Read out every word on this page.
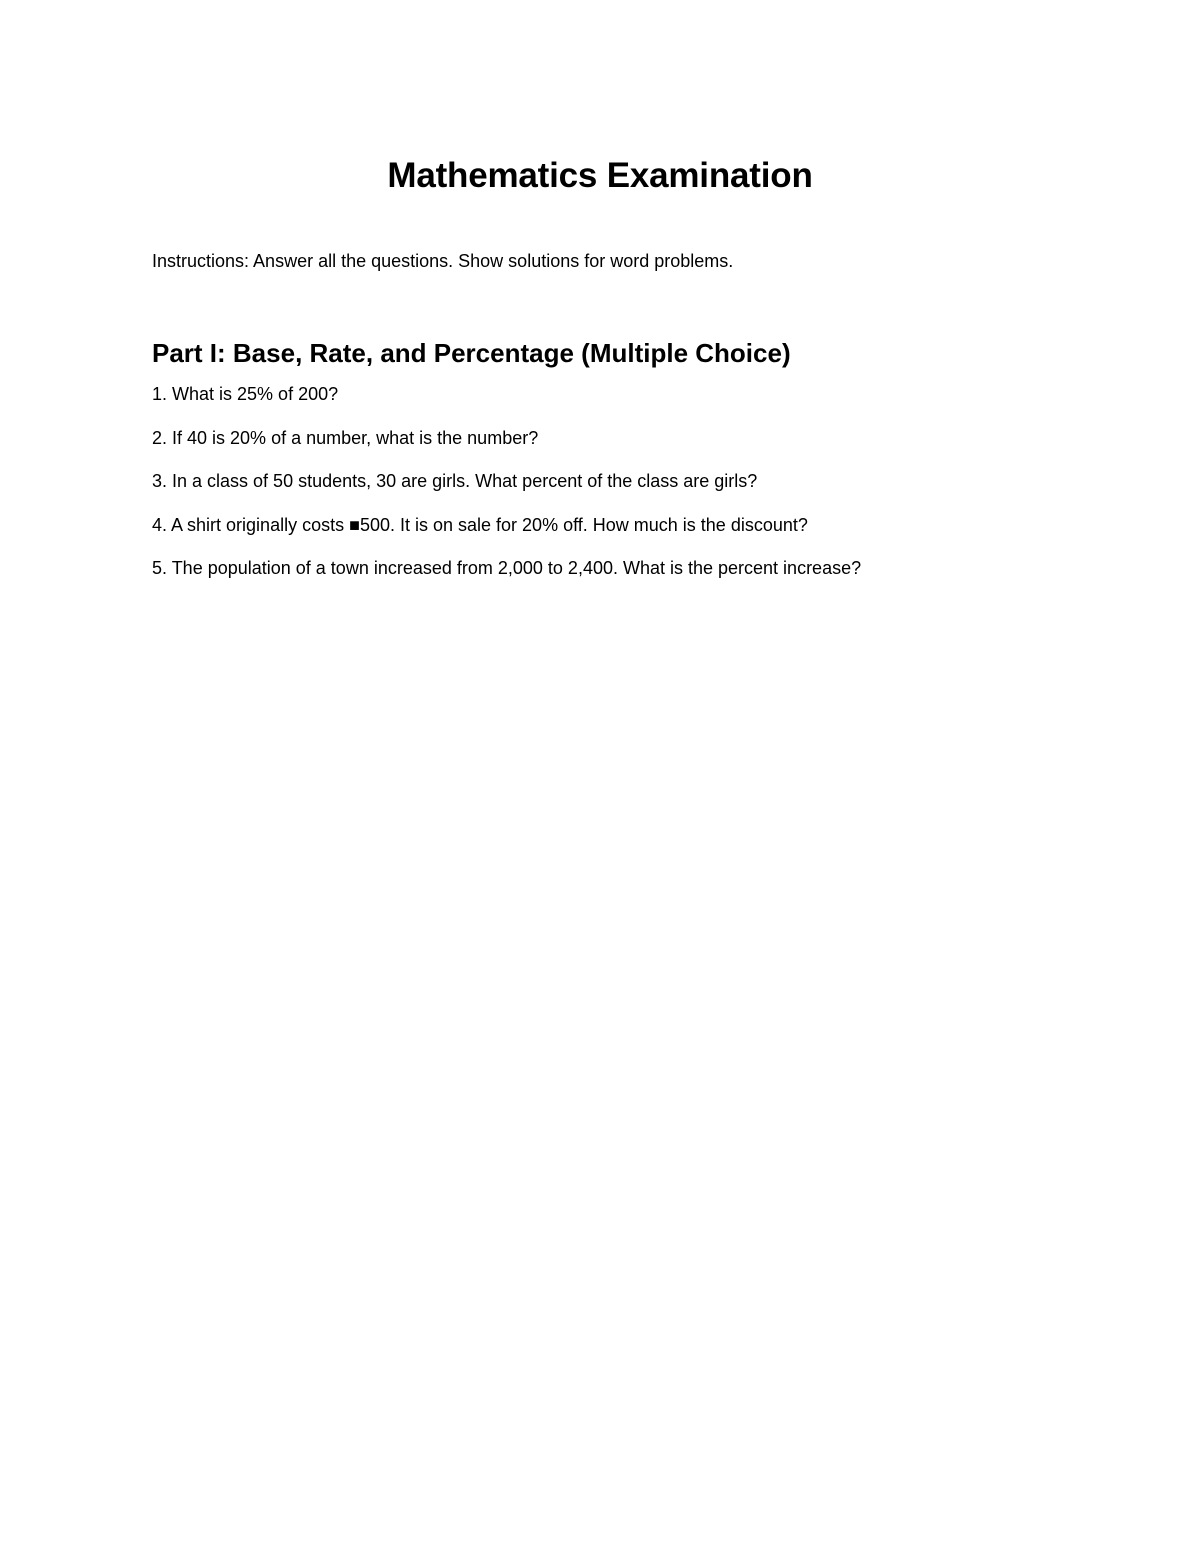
Mathematics Examination

Instructions: Answer all the questions. Show solutions for word problems.

Part I: Base, Rate, and Percentage (Multiple Choice)
1. What is 25% of 200?
2. If 40 is 20% of a number, what is the number?
3. In a class of 50 students, 30 are girls. What percent of the class are girls?
4. A shirt originally costs ■500. It is on sale for 20% off. How much is the discount?
5. The population of a town increased from 2,000 to 2,400. What is the percent increase?
